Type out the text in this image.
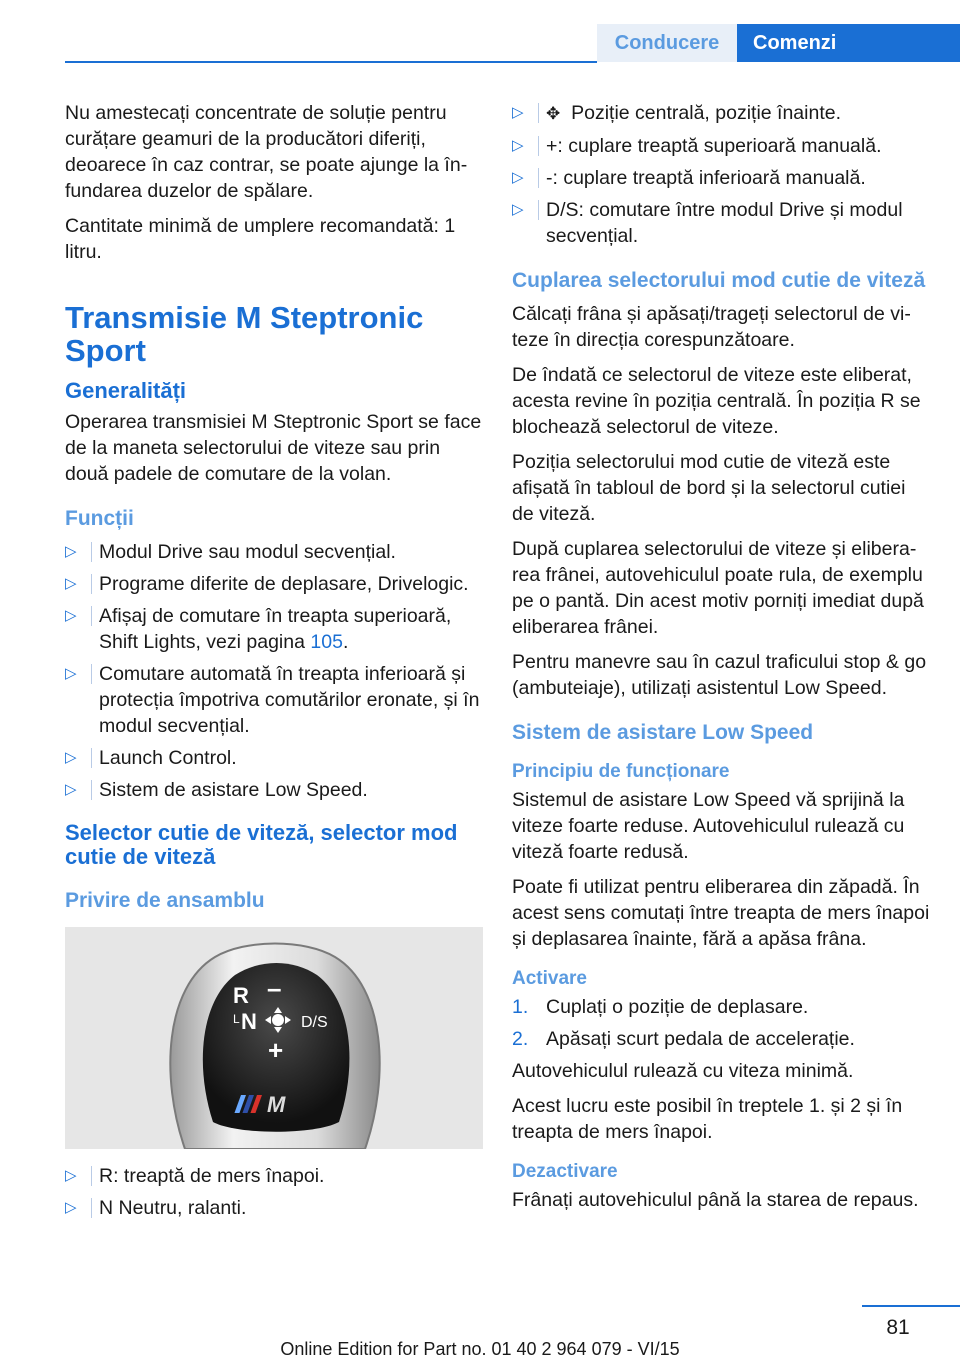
Conducere	Comenzi

Nu amestecați concentrate de soluție pentru curățare geamuri de la producători diferiți, deoarece în caz contrar, se poate ajunge la înfundarea duzelor de spălare.

Cantitate minimă de umplere recomandată: 1 litru.

Transmisie M Steptronic Sport
Generalități

Operarea transmisiei M Steptronic Sport se face de la maneta selectorului de viteze sau prin două padele de comutare de la volan.

Funcții
▷	Modul Drive sau modul secvențial.
▷	Programe diferite de deplasare, Drivelogic.
▷	Afișaj de comutare în treapta superioară, Shift Lights, vezi pagina 105.
▷	Comutare automată în treapta inferioară și protecția împotriva comutărilor eronate, și în modul secvențial.
▷	Launch Control.
▷	Sistem de asistare Low Speed.
Selector cutie de viteză, selector mod cutie de viteză
Privire de ansamblu
R –
L N	D/S
+
M
▷	R: treaptă de mers înapoi.
▷	N Neutru, ralanti.
▷	✥ Poziție centrală, poziție înainte.
▷	+: cuplare treaptă superioară manuală.
▷	-: cuplare treaptă inferioară manuală.
▷	D/S: comutare între modul Drive și modul secvențial.
Cuplarea selectorului mod cutie de viteză

Călcați frâna și apăsați/trageți selectorul de viteze în direcția corespunzătoare.

De îndată ce selectorul de viteze este eliberat, acesta revine în poziția centrală. În poziția R se blochează selectorul de viteze.

Poziția selectorului mod cutie de viteză este afișată în tabloul de bord și la selectorul cutiei de viteză.

După cuplarea selectorului de viteze și eliberarea frânei, autovehiculul poate rula, de exemplu pe o pantă. Din acest motiv porniți imediat după eliberarea frânei.

Pentru manevre sau în cazul traficului stop & go (ambuteiaje), utilizați asistentul Low Speed.

Sistem de asistare Low Speed
Principiu de funcționare

Sistemul de asistare Low Speed vă sprijină la viteze foarte reduse. Autovehiculul rulează cu viteză foarte redusă.

Poate fi utilizat pentru eliberarea din zăpadă. În acest sens comutați între treapta de mers înapoi și deplasarea înainte, fără a apăsa frâna.

Activare
1. Cuplați o poziție de deplasare.
2. Apăsați scurt pedala de accelerație.

Autovehiculul rulează cu viteza minimă.

Acest lucru este posibil în treptele 1. și 2 și în treapta de mers înapoi.

Dezactivare

Frânați autovehiculul până la starea de repaus.

81
Online Edition for Part no. 01 40 2 964 079 - VI/15
